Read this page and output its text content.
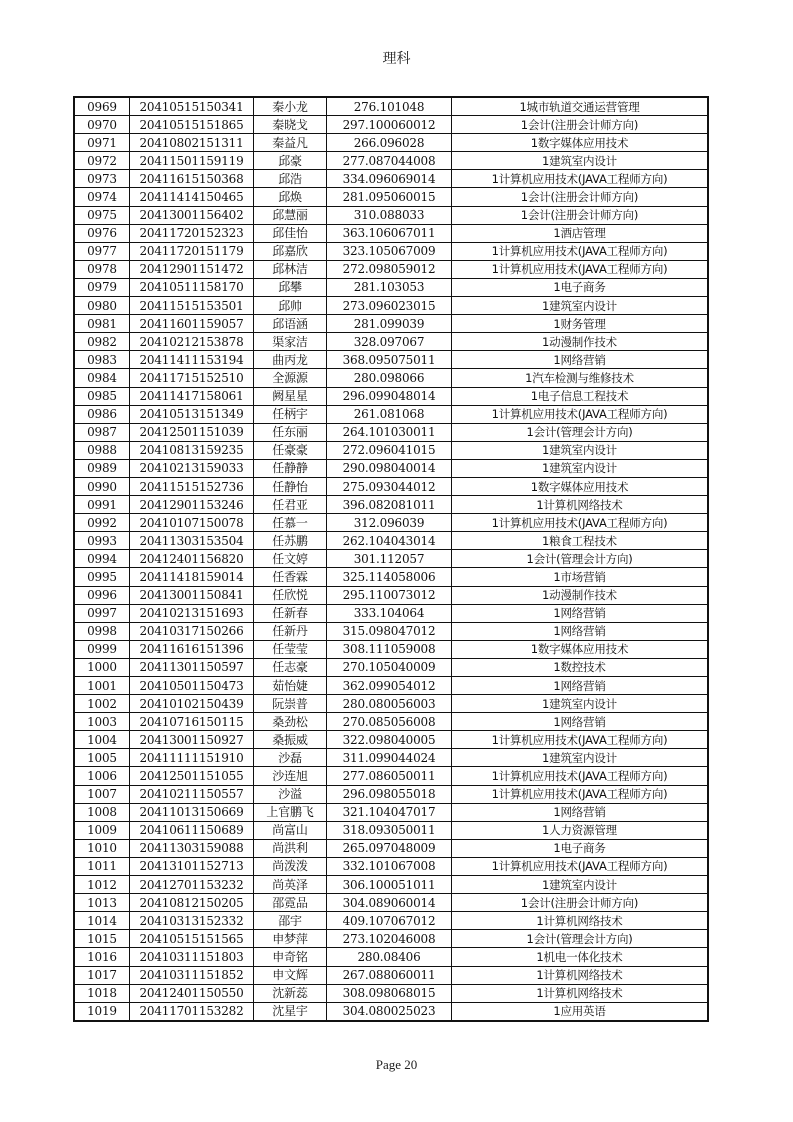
理科
0969	20410515150341	秦小龙	276.101048	1城市轨道交通运营管理
0970	20410515151865	秦晓戈	297.100060012	1会计(注册会计师方向)
0971	20410802151311	秦益凡	266.096028	1数字媒体应用技术
0972	20411501159119	邱豪	277.087044008	1建筑室内设计
0973	20411615150368	邱浩	334.096069014	1计算机应用技术(JAVA工程师方向)
0974	20411414150465	邱焕	281.095060015	1会计(注册会计师方向)
0975	20413001156402	邱慧丽	310.088033	1会计(注册会计师方向)
0976	20411720152323	邱佳怡	363.106067011	1酒店管理
0977	20411720151179	邱嘉欣	323.105067009	1计算机应用技术(JAVA工程师方向)
0978	20412901151472	邱林洁	272.098059012	1计算机应用技术(JAVA工程师方向)
0979	20410511158170	邱攀	281.103053	1电子商务
0980	20411515153501	邱帅	273.096023015	1建筑室内设计
0981	20411601159057	邱语涵	281.099039	1财务管理
0982	20410212153878	渠家洁	328.097067	1动漫制作技术
0983	20411411153194	曲丙龙	368.095075011	1网络营销
0984	20411715152510	全源源	280.098066	1汽车检测与维修技术
0985	20411417158061	阙星星	296.099048014	1电子信息工程技术
0986	20410513151349	任柄宇	261.081068	1计算机应用技术(JAVA工程师方向)
0987	20412501151039	任东丽	264.101030011	1会计(管理会计方向)
0988	20410813159235	任豪豪	272.096041015	1建筑室内设计
0989	20410213159033	任静静	290.098040014	1建筑室内设计
0990	20411515152736	任静怡	275.093044012	1数字媒体应用技术
0991	20412901153246	任君亚	396.082081011	1计算机网络技术
0992	20410107150078	任慕一	312.096039	1计算机应用技术(JAVA工程师方向)
0993	20411303153504	任苏鹏	262.104043014	1粮食工程技术
0994	20412401156820	任文婷	301.112057	1会计(管理会计方向)
0995	20411418159014	任香霖	325.114058006	1市场营销
0996	20413001150841	任欣悦	295.110073012	1动漫制作技术
0997	20410213151693	任新春	333.104064	1网络营销
0998	20410317150266	任新丹	315.098047012	1网络营销
0999	20411616151396	任莹莹	308.111059008	1数字媒体应用技术
1000	20411301150597	任志豪	270.105040009	1数控技术
1001	20410501150473	茹怡婕	362.099054012	1网络营销
1002	20410102150439	阮崇普	280.080056003	1建筑室内设计
1003	20410716150115	桑劲松	270.085056008	1网络营销
1004	20413001150927	桑振威	322.098040005	1计算机应用技术(JAVA工程师方向)
1005	20411111151910	沙磊	311.099044024	1建筑室内设计
1006	20412501151055	沙连旭	277.086050011	1计算机应用技术(JAVA工程师方向)
1007	20410211150557	沙溢	296.098055018	1计算机应用技术(JAVA工程师方向)
1008	20411013150669	上官鹏飞	321.104047017	1网络营销
1009	20410611150689	尚富山	318.093050011	1人力资源管理
1010	20411303159088	尚洪利	265.097048009	1电子商务
1011	20413101152713	尚泼泼	332.101067008	1计算机应用技术(JAVA工程师方向)
1012	20412701153232	尚英泽	306.100051011	1建筑室内设计
1013	20410812150205	邵霓品	304.089060014	1会计(注册会计师方向)
1014	20410313152332	邵宇	409.107067012	1计算机网络技术
1015	20410515151565	申梦萍	273.102046008	1会计(管理会计方向)
1016	20410311151803	申奇铭	280.08406	1机电一体化技术
1017	20410311151852	申文辉	267.088060011	1计算机网络技术
1018	20412401150550	沈新蕊	308.098068015	1计算机网络技术
1019	20411701153282	沈星宇	304.080025023	1应用英语
Page 20
